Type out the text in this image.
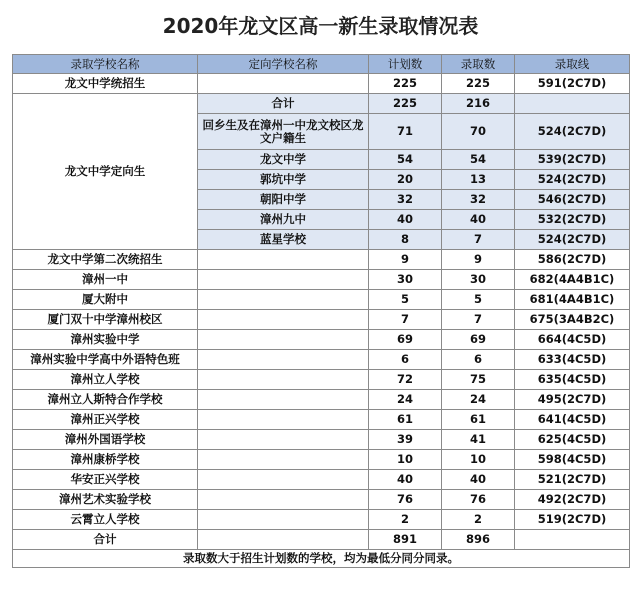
2020年龙文区高一新生录取情况表
录取学校名称	定向学校名称	计划数	录取数	录取线
龙文中学统招生		225	225	591(2C7D)
龙文中学定向生	合计	225	216	
	回乡生及在漳州一中龙文校区龙文户籍生	71	70	524(2C7D)
	龙文中学	54	54	539(2C7D)
	郭坑中学	20	13	524(2C7D)
	朝阳中学	32	32	546(2C7D)
	漳州九中	40	40	532(2C7D)
	蓝星学校	8	7	524(2C7D)
龙文中学第二次统招生		9	9	586(2C7D)
漳州一中		30	30	682(4A4B1C)
厦大附中		5	5	681(4A4B1C)
厦门双十中学漳州校区		7	7	675(3A4B2C)
漳州实验中学		69	69	664(4C5D)
漳州实验中学高中外语特色班		6	6	633(4C5D)
漳州立人学校		72	75	635(4C5D)
漳州立人斯特合作学校		24	24	495(2C7D)
漳州正兴学校		61	61	641(4C5D)
漳州外国语学校		39	41	625(4C5D)
漳州康桥学校		10	10	598(4C5D)
华安正兴学校		40	40	521(2C7D)
漳州艺术实验学校		76	76	492(2C7D)
云霄立人学校		2	2	519(2C7D)
合计		891	896	
录取数大于招生计划数的学校，均为最低分同分同录。				
